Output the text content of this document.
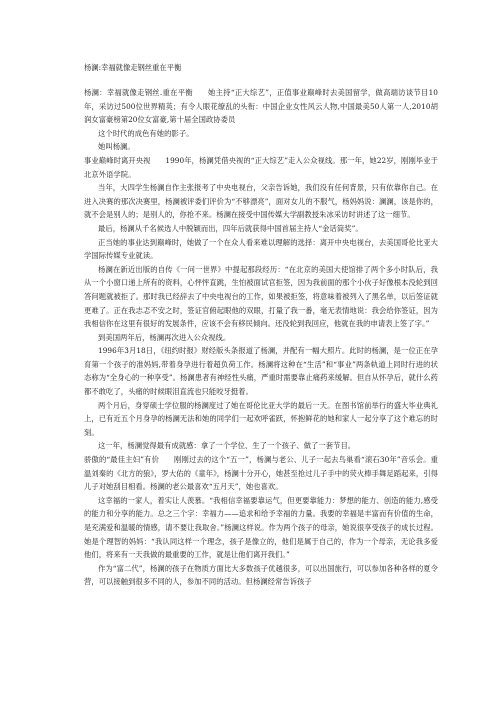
杨澜:幸福就像走钢丝重在平衡

杨澜：幸福就像走钢丝.重在平衡　　她主持“正大综艺”，正值事业巅峰时去美国留学，做高端访谈节目10年，采访过500位世界精英；有令人眼花缭乱的头衔：中国企业女性风云人物,中国最美50人第一人,2010胡润女富豪榜第20位女富豪,第十届全国政协委员

这个时代的成色有她的影子。

她叫杨澜。

事业巅峰时离开央视　　1990年，杨澜凭借央视的“正大综艺”走入公众视线。那一年，她22岁，刚刚毕业于北京外语学院。

当年，大四学生杨澜自作主张报考了中央电视台，父亲告诉她，我们没有任何背景，只有依靠你自己。在进入决赛的那次决赛里，杨澜被评委们评价为“不够漂亮”，面对女儿的不服气，杨妈妈说：澜澜，该是你的，就不会是别人的；是别人的，你抢不来。杨澜在接受中国传媒大学副教授朱冰采访时讲述了这一细节。

最后，杨澜从千名候选人中脱颖而出，四年后就获得中国首届主持人“金话筒奖”。

正当她的事业达到巅峰时，她做了一个在众人看来难以理解的选择：离开中央电视台，去美国哥伦比亚大学国际传媒专业就读。

杨澜在新近出版的自传《一问一世界》中提起那段经历：“在北京的美国大使馆排了两个多小时队后，我从一个小窗口递上所有的资料，心怦怦直跳，生怕被面试官拒签，因为我前面的那个小伙子好像根本没轮到回答问题就被拒了。那时我已经辞去了中央电视台的工作，如果被拒签，将意味着被列入了黑名单，以后签证就更难了。正在我志忑不安之时，签证官俯起眼他的双眼，打量了我一番，毫无表情地说：我会给你签证，因为我相信你在这里有很好的发展条件，应该不会有移民倾向。还没轮到我回应，他就在我的申请表上签了字。”

到美国两年后，杨澜再次进入公众视线。

1996年3月18日，《纽约时报》财经版头条报道了杨澜，并配有一幅大照片。此时的杨澜，是一位正在孕育第一个孩子的准妈妈,带着身孕进行着超负荷工作。杨澜将这种在“生活”和“事业”两条轨道上同时行进的状态称为“全身心的一种享受”。杨澜患者有神经性头痛，严重时需要靠止痛药来缓解。但自从怀孕后，就什么药都不敢吃了，头痛的时候眼泪直流也只能咬牙挺着。

两个月后，身穿硕士学位服的杨澜度过了她在哥伦比亚大学的最后一天。在图书馆前举行的盛大毕业典礼上，已有近五个月身孕的杨澜无法和她的同学们一起欢呼雀跃，怀抱鲜花的她和家人一起分享了这个难忘的时刻。

这一年，杨澜觉得最有成就感：拿了一个学位、生了一个孩子、做了一套节目。

骄傲的“最佳主妇”有价　　刚刚过去的这个“五一”，杨澜与老公、儿子一起去鸟巢看“滚石30年”音乐会。重温刘秦的《北方的狼》，罗大佑的《童年》，杨澜十分开心，她甚至抢过儿子手中的荧火棒手舞足蹈起来，引得儿子对她刮目相看。杨澜的老公最喜欢“五月天”，她也喜欢。

这幸福的一家人，着实让人羡慕。“我相信幸福要靠运气，但更要靠能力：梦想的能力、创造的能力,感受的能力和分享的能力。总之三个字：幸福力——追求和给予幸福的力量。我要的幸福是丰富而有价值的生命，是充满爱和温暖的情感，请不要让我取舍。”杨澜这样说。作为两个孩子的母亲，她说很享受孩子的成长过程。她是个理智的妈妈：“我认同这样一个理念，孩子是像立的，他们是属于自己的，作为一个母亲，无论我多爱他们，将来有一天我做的最重要的工作，就是让他们离开我们。”

作为“富二代”，杨澜的孩子在物质方面比大多数孩子优越很多，可以出国旅行，可以参加各种各样的夏令营，可以接触到很多不同的人，参加不同的活动。但杨澜经常告诉孩子
